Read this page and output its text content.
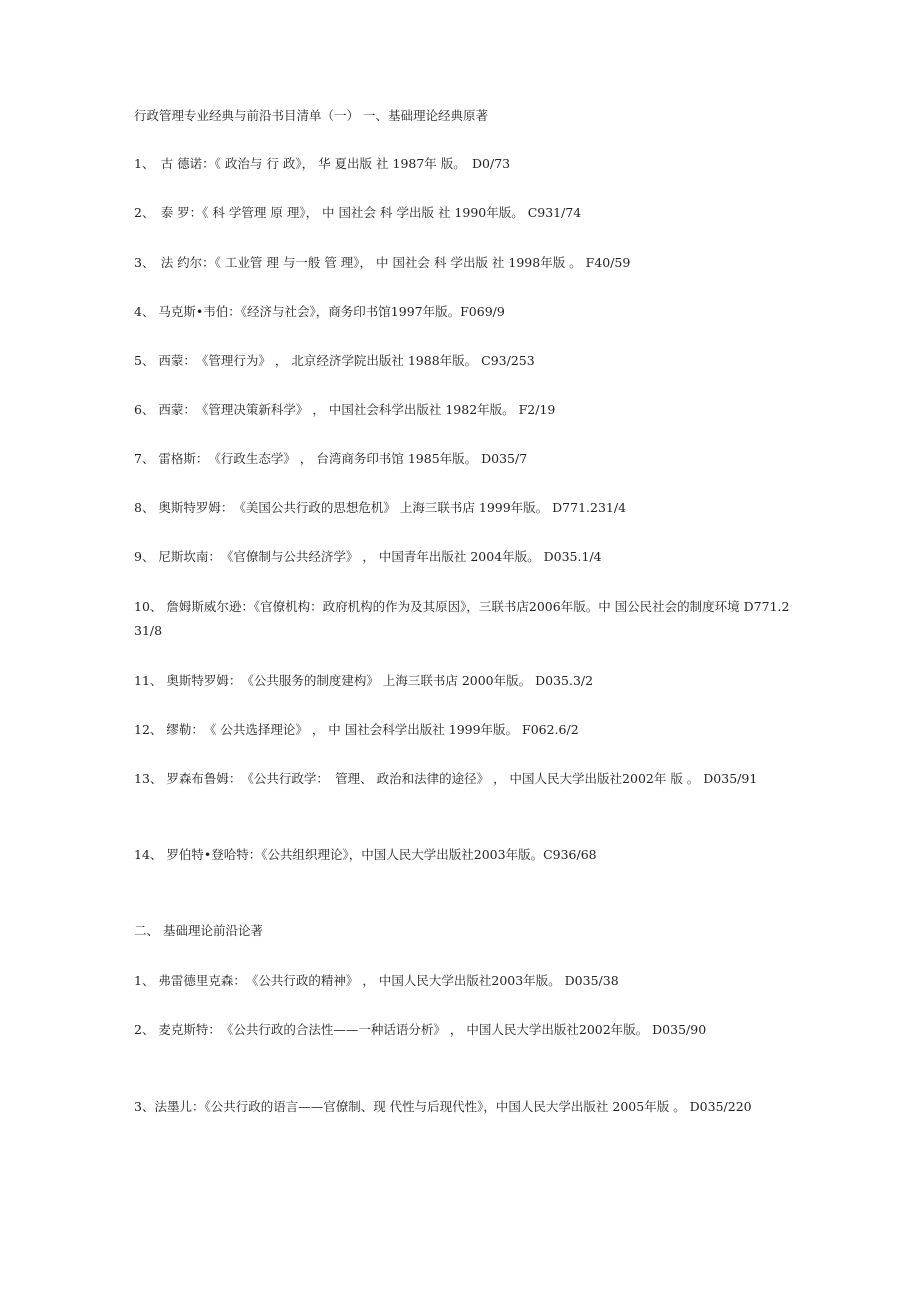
行政管理专业经典与前沿书目清单（一） 一、基础理论经典原著
1、　古 德诺：《 政治与 行 政》， 华 夏出版 社 1987年 版。　D0/73
2、　泰 罗：《 科 学管理 原 理》， 中 国社会 科 学出版 社 1990年版。 C931/74
3、　法 约尔：《 工业管 理 与一般 管 理》， 中 国社会 科 学出版 社 1998年版 。 F40/59
4、 马克斯•韦伯：《经济与社会》，商务印书馆1997年版。F069/9
5、 西蒙：　《管理行为》 ， 北京经济学院出版社 1988年版。 C93/253
6、 西蒙：　《管理决策新科学》 ， 中国社会科学出版社 1982年版。 F2/19
7、 雷格斯：　《行政生态学》 ， 台湾商务印书馆 1985年版。 D035/7
8、 奥斯特罗姆：　《美国公共行政的思想危机》 上海三联书店 1999年版。 D771.231/4
9、 尼斯坎南：　《官僚制与公共经济学》 ， 中国青年出版社 2004年版。 D035.1/4
10、 詹姆斯威尔逊：《官僚机构：政府机构的作为及其原因》，三联书店2006年版。中 国公民社会的制度环境 D771.231/8
11、 奥斯特罗姆：　《公共服务的制度建构》 上海三联书店 2000年版。 D035.3/2
12、 缪勒：　《 公共选择理论》 ， 中 国社会科学出版社 1999年版。 F062.6/2
13、 罗森布鲁姆：　《公共行政学：　管理、 政治和法律的途径》 ， 中国人民大学出版社2002年 版 。 D035/91
14、 罗伯特•登哈特：《公共组织理论》，中国人民大学出版社2003年版。C936/68
二、 基础理论前沿论著
1、 弗雷德里克森：　《公共行政的精神》 ， 中国人民大学出版社2003年版。 D035/38
2、 麦克斯特：　《公共行政的合法性——一种话语分析》 ， 中国人民大学出版社2002年版。 D035/90
3、法墨儿：《公共行政的语言——官僚制、现 代性与后现代性》，中国人民大学出版社 2005年版 。 D035/220
